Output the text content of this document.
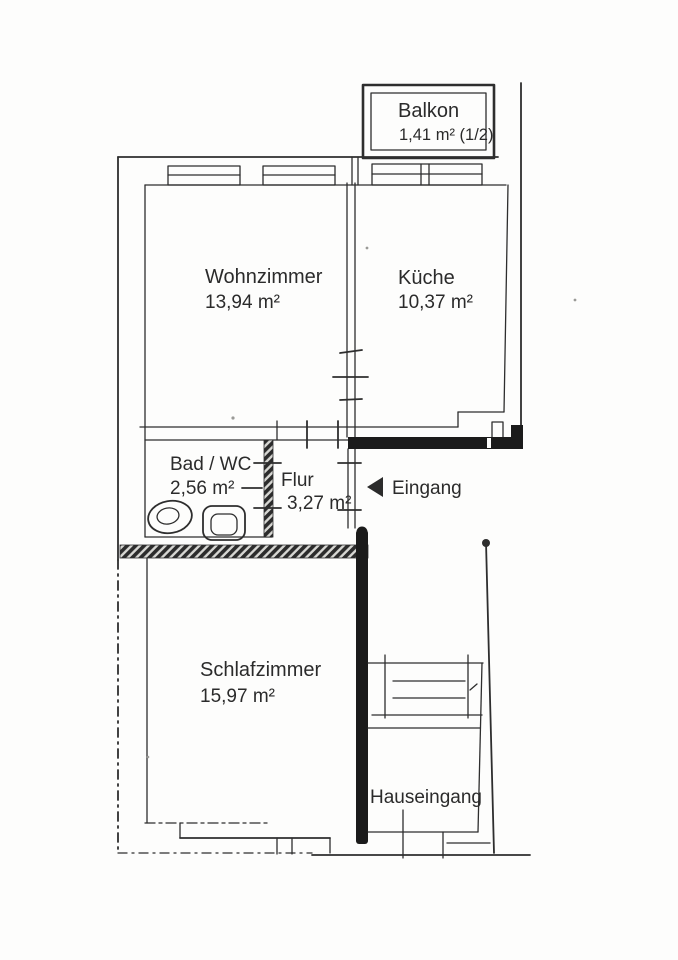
Balkon
1,41 m² (1/2)
Wohnzimmer
13,94 m²
Küche
10,37 m²
Bad / WC
2,56 m² Flur
3,27 m²
Eingang
Schlafzimmer
15,97 m²
Hauseingang
